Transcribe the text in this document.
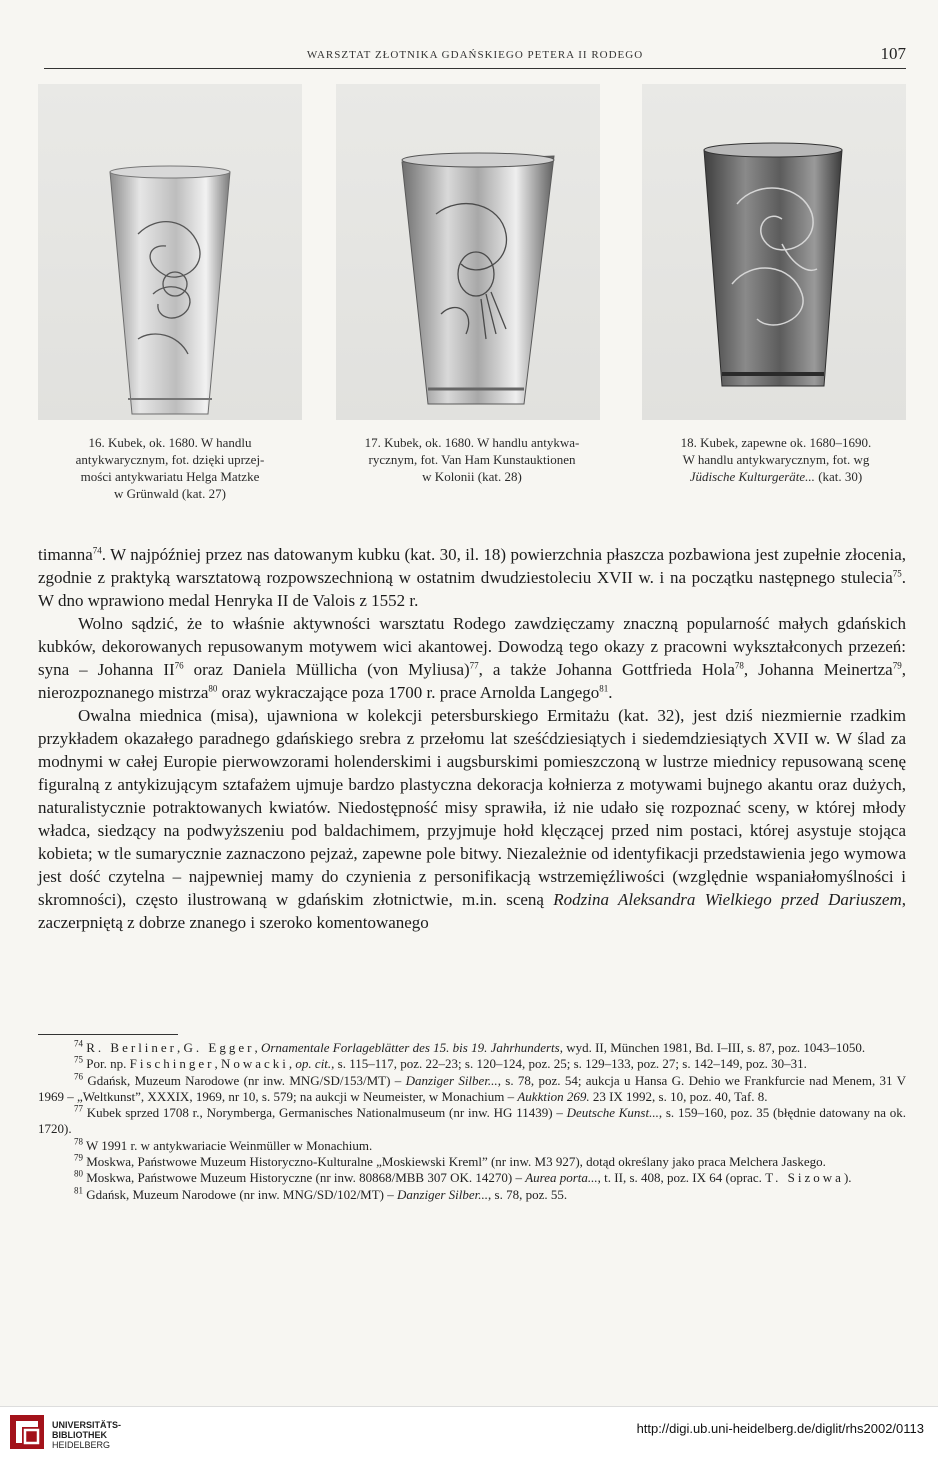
WARSZTAT ZŁOTNIKA GDAŃSKIEGO PETERA II RODEGO	107

16. Kubek, ok. 1680. W handlu

antykwarycznym, fot. dzięki uprzej-

mości antykwariatu Helga Matzke

w Grünwald (kat. 27)

17. Kubek, ok. 1680. W handlu antykwa-

rycznym, fot. Van Ham Kunstauktionen

w Kolonii (kat. 28)

18. Kubek, zapewne ok. 1680–1690.

W handlu antykwarycznym, fot. wg

Jüdische Kulturgeräte... (kat. 30)

timanna$^{74}$. W najpóźniej przez nas datowanym kubku (kat. 30, il. 18) powierzchnia płaszcza pozbawiona jest zupełnie złocenia, zgodnie z praktyką warsztatową rozpowszechnioną w ostatnim dwudziestoleciu XVII w. i na początku następnego stulecia$^{75}$. W dno wprawiono medal Henryka II de Valois z 1552 r.

Wolno sądzić, że to właśnie aktywności warsztatu Rodego zawdzięczamy znaczną popularność małych gdańskich kubków, dekorowanych repusowanym motywem wici akantowej. Dowodzą tego okazy z pracowni wykształconych przezeń: syna – Johanna II$^{76}$ oraz Daniela Müllicha (von Myliusa)$^{77}$, a także Johanna Gottfrieda Hola$^{78}$, Johanna Meinertza$^{79}$, nierozpoznanego mistrza$^{80}$ oraz wykraczające poza 1700 r. prace Arnolda Langego$^{81}$.

Owalna miednica (misa), ujawniona w kolekcji petersburskiego Ermitażu (kat. 32), jest dziś niezmiernie rzadkim przykładem okazałego paradnego gdańskiego srebra z przełomu lat sześćdziesiątych i siedemdziesiątych XVII w. W ślad za modnymi w całej Europie pierwowzorami holenderskimi i augsburskimi pomieszczoną w lustrze miednicy repusowaną scenę figuralną z antykizującym sztafażem ujmuje bardzo plastyczna dekoracja kołnierza z motywami bujnego akantu oraz dużych, naturalistycznie potraktowanych kwiatów. Niedostępność misy sprawiła, iż nie udało się rozpoznać sceny, w której młody władca, siedzący na podwyższeniu pod baldachimem, przyjmuje hołd klęczącej przed nim postaci, której asystuje stojąca kobieta; w tle sumarycznie zaznaczono pejzaż, zapewne pole bitwy. Niezależnie od identyfikacji przedstawienia jego wymowa jest dość czytelna – najpewniej mamy do czynienia z personifikacją wstrzemięźliwości (względnie wspaniałomyślności i skromności), często ilustrowaną w gdańskim złotnictwie, m.in. sceną Rodzina Aleksandra Wielkiego przed Dariuszem, zaczerpniętą z dobrze znanego i szeroko komentowanego

$^{74}$ R. Berliner, G. Egger, Ornamentale Forlageblätter des 15. bis 19. Jahrhunderts, wyd. II, München 1981, Bd. I–III, s. 87, poz. 1043–1050.

$^{75}$ Por. np. Fischinger, Nowacki, op. cit., s. 115–117, poz. 22–23; s. 120–124, poz. 25; s. 129–133, poz. 27; s. 142–149, poz. 30–31.

$^{76}$ Gdańsk, Muzeum Narodowe (nr inw. MNG/SD/153/MT) – Danziger Silber..., s. 78, poz. 54; aukcja u Hansa G. Dehio we Frankfurcie nad Menem, 31 V 1969 – „Weltkunst”, XXXIX, 1969, nr 10, s. 579; na aukcji w Neumeister, w Monachium – Aukktion 269. 23 IX 1992, s. 10, poz. 40, Taf. 8.

$^{77}$ Kubek sprzed 1708 r., Norymberga, Germanisches Nationalmuseum (nr inw. HG 11439) – Deutsche Kunst..., s. 159–160, poz. 35 (błędnie datowany na ok. 1720).

$^{78}$ W 1991 r. w antykwariacie Weinmüller w Monachium.

$^{79}$ Moskwa, Państwowe Muzeum Historyczno-Kulturalne „Moskiewski Kreml” (nr inw. M3 927), dotąd określany jako praca Melchera Jaskego.

$^{80}$ Moskwa, Państwowe Muzeum Historyczne (nr inw. 80868/MBB 307 OK. 14270) – Aurea porta..., t. II, s. 408, poz. IX 64 (oprac. T. Sizowa).

$^{81}$ Gdańsk, Muzeum Narodowe (nr inw. MNG/SD/102/MT) – Danziger Silber..., s. 78, poz. 55.

UNIVERSITÄTS-
BIBLIOTHEK
HEIDELBERG
http://digi.ub.uni-heidelberg.de/diglit/rhs2002/0113
